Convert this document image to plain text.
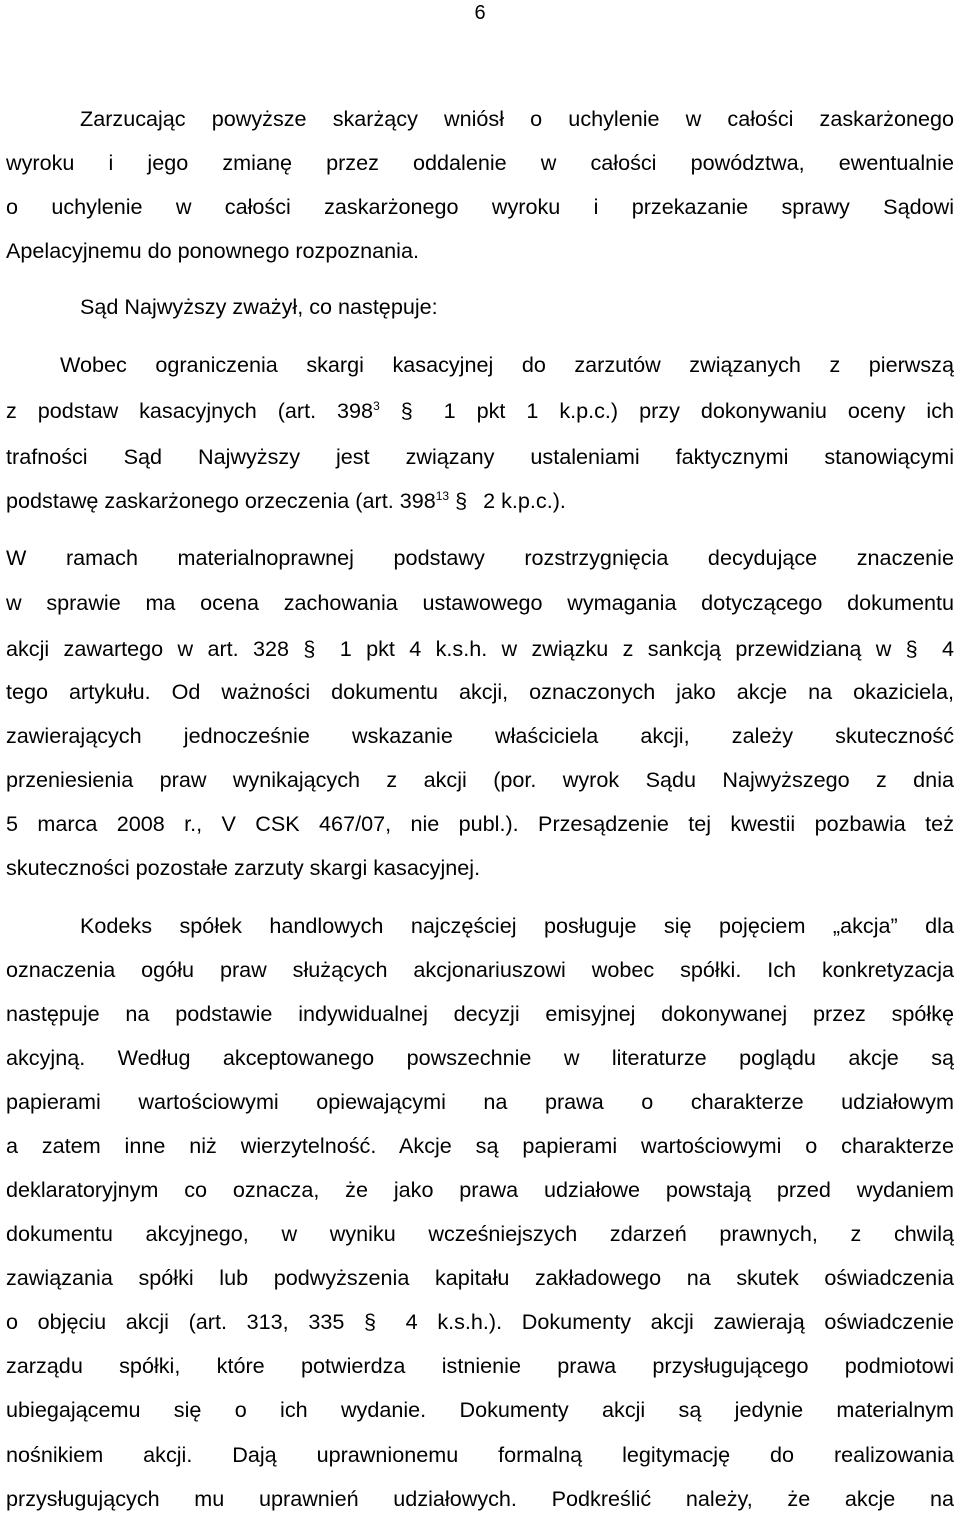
6
Zarzucając powyższe skarżący wniósł o uchylenie w całości zaskarżonego
wyroku i jego zmianę przez oddalenie w całości powództwa, ewentualnie
o uchylenie w całości zaskarżonego wyroku i przekazanie sprawy Sądowi
Apelacyjnemu do ponownego rozpoznania.
Sąd Najwyższy zważył, co następuje:
Wobec ograniczenia skargi kasacyjnej do zarzutów związanych z pierwszą
z podstaw kasacyjnych (art. $398^3$ § 1 pkt 1 k.p.c.) przy dokonywaniu oceny ich
trafności Sąd Najwyższy jest związany ustaleniami faktycznymi stanowiącymi
podstawę zaskarżonego orzeczenia (art. $398^{13}$ § 2 k.p.c.).
W ramach materialnoprawnej podstawy rozstrzygnięcia decydujące znaczenie
w sprawie ma ocena zachowania ustawowego wymagania dotyczącego dokumentu
akcji zawartego w art. 328 § 1 pkt 4 k.s.h. w związku z sankcją przewidzianą w § 4
tego artykułu. Od ważności dokumentu akcji, oznaczonych jako akcje na okaziciela,
zawierających jednocześnie wskazanie właściciela akcji, zależy skuteczność
przeniesienia praw wynikających z akcji (por. wyrok Sądu Najwyższego z dnia
5 marca 2008 r., V CSK 467/07, nie publ.). Przesądzenie tej kwestii pozbawia też
skuteczności pozostałe zarzuty skargi kasacyjnej.
Kodeks spółek handlowych najczęściej posługuje się pojęciem „akcja” dla
oznaczenia ogółu praw służących akcjonariuszowi wobec spółki. Ich konkretyzacja
następuje na podstawie indywidualnej decyzji emisyjnej dokonywanej przez spółkę
akcyjną. Według akceptowanego powszechnie w literaturze poglądu akcje są
papierami wartościowymi opiewającymi na prawa o charakterze udziałowym
a zatem inne niż wierzytelność. Akcje są papierami wartościowymi o charakterze
deklaratoryjnym co oznacza, że jako prawa udziałowe powstają przed wydaniem
dokumentu akcyjnego, w wyniku wcześniejszych zdarzeń prawnych, z chwilą
zawiązania spółki lub podwyższenia kapitału zakładowego na skutek oświadczenia
o objęciu akcji (art. 313, 335 § 4 k.s.h.). Dokumenty akcji zawierają oświadczenie
zarządu spółki, które potwierdza istnienie prawa przysługującego podmiotowi
ubiegającemu się o ich wydanie. Dokumenty akcji są jedynie materialnym
nośnikiem akcji. Dają uprawnionemu formalną legitymację do realizowania
przysługujących mu uprawnień udziałowych. Podkreślić należy, że akcje na
